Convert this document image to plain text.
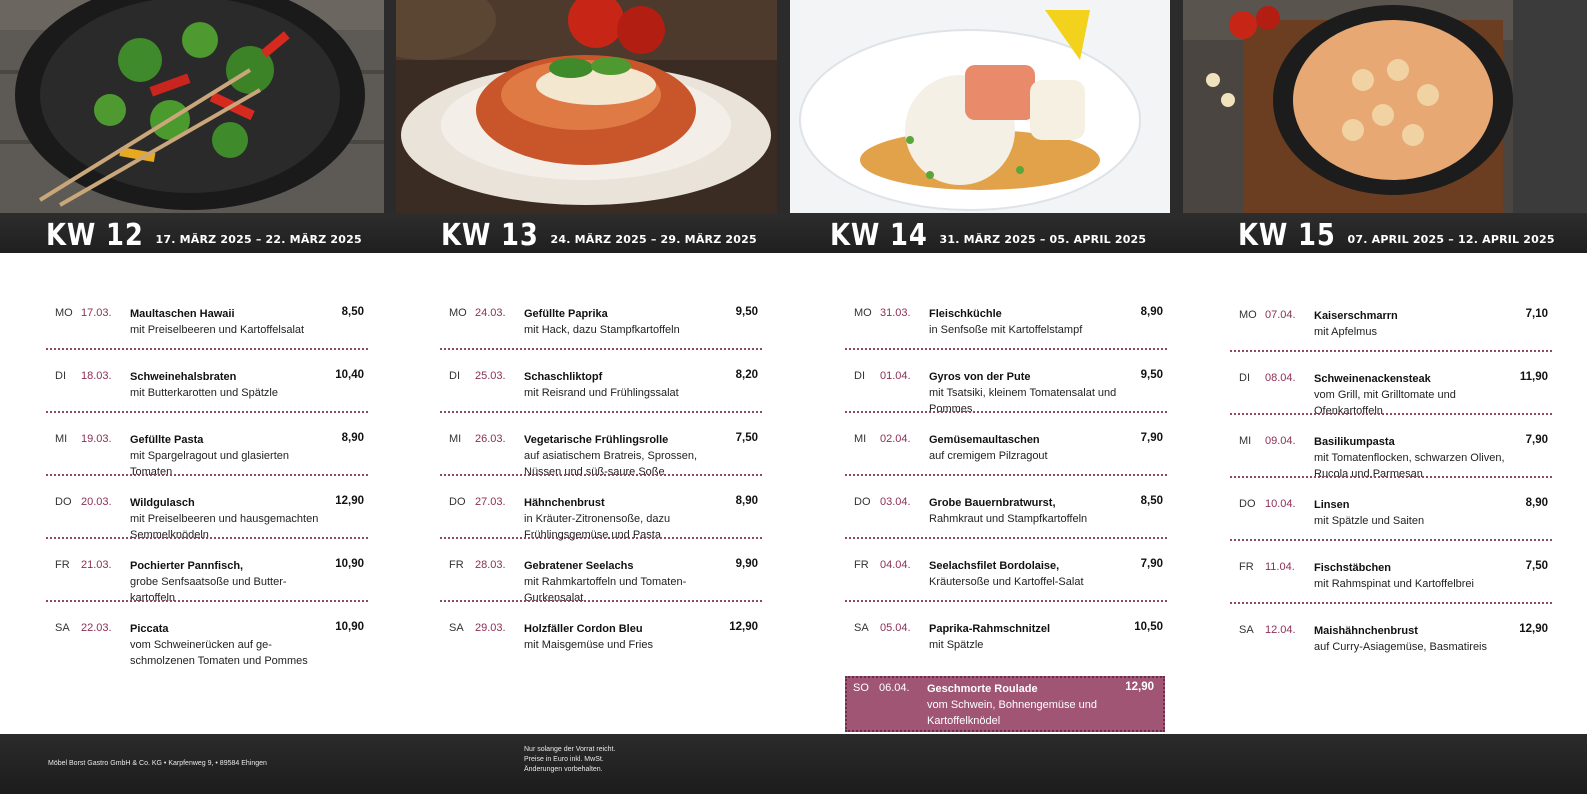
KW 12 17. MÄRZ 2025 – 22. MÄRZ 2025	KW 13 24. MÄRZ 2025 – 29. MÄRZ 2025 KW 14 31. MÄRZ 2025 – 05. APRIL 2025	KW 15 07. APRIL 2025 – 12. APRIL 2025
MO 17.03. Maultaschen Hawaii
mit Preiselbeeren und Kartoffelsalat
8,50
DI 18.03. Schweinehalsbraten
mit Butterkarotten und Spätzle
10,40
MI 19.03. Gefüllte Pasta
mit Spargelragout und glasierten Tomaten
8,90
DO 20.03. Wildgulasch
mit Preiselbeeren und hausgemachten Semmelknödeln
12,90
FR 21.03. Pochierter Pannfisch,
grobe Senfsaatsoße und Butter-kartoffeln
10,90
SA 22.03. Piccata
vom Schweinerücken auf ge-schmolzenen Tomaten und Pommes
10,90
MO 24.03. Gefüllte Paprika
mit Hack, dazu Stampfkartoffeln
9,50
DI 25.03. Schaschliktopf
mit Reisrand und Frühlingssalat
8,20
MI 26.03. Vegetarische Frühlingsrolle
auf asiatischem Bratreis, Sprossen, Nüssen und süß-saure Soße
7,50
DO 27.03. Hähnchenbrust
in Kräuter-Zitronensoße, dazu Frühlingsgemüse und Pasta
8,90
FR 28.03. Gebratener Seelachs
mit Rahmkartoffeln und Tomaten-Gurkensalat
9,90
SA 29.03. Holzfäller Cordon Bleu
mit Maisgemüse und Fries
12,90
MO 31.03. Fleischküchle
in Senfsoße mit Kartoffelstampf
8,90
DI 01.04. Gyros von der Pute
mit Tsatsiki, kleinem Tomatensalat und Pommes
9,50
MI 02.04. Gemüsemaultaschen
auf cremigem Pilzragout
7,90
DO 03.04. Grobe Bauernbratwurst,
Rahmkraut und Stampfkartoffeln
8,50
FR 04.04. Seelachsfilet Bordolaise,
Kräutersoße und Kartoffel-Salat
7,90
SA 05.04. Paprika-Rahmschnitzel
mit Spätzle
10,50
SO 06.04. Geschmorte Roulade
vom Schwein, Bohnengemüse und Kartoffelknödel
12,90
MO 07.04. Kaiserschmarrn
mit Apfelmus
7,10
DI 08.04. Schweinenackensteak
vom Grill, mit Grilltomate und Ofenkartoffeln
11,90
MI 09.04. Basilikumpasta
mit Tomatenflocken, schwarzen Oliven, Rucola und Parmesan
7,90
DO 10.04. Linsen
mit Spätzle und Saiten
8,90
FR 11.04. Fischstäbchen
mit Rahmspinat und Kartoffelbrei
7,50
SA 12.04. Maishähnchenbrust
auf Curry-Asiagemüse, Basmatireis
12,90
Möbel Borst Gastro GmbH & Co. KG • Karpfenweg 9, • 89584 Ehingen
Nur solange der Vorrat reicht.
Preise in Euro inkl. MwSt.
Änderungen vorbehalten.
